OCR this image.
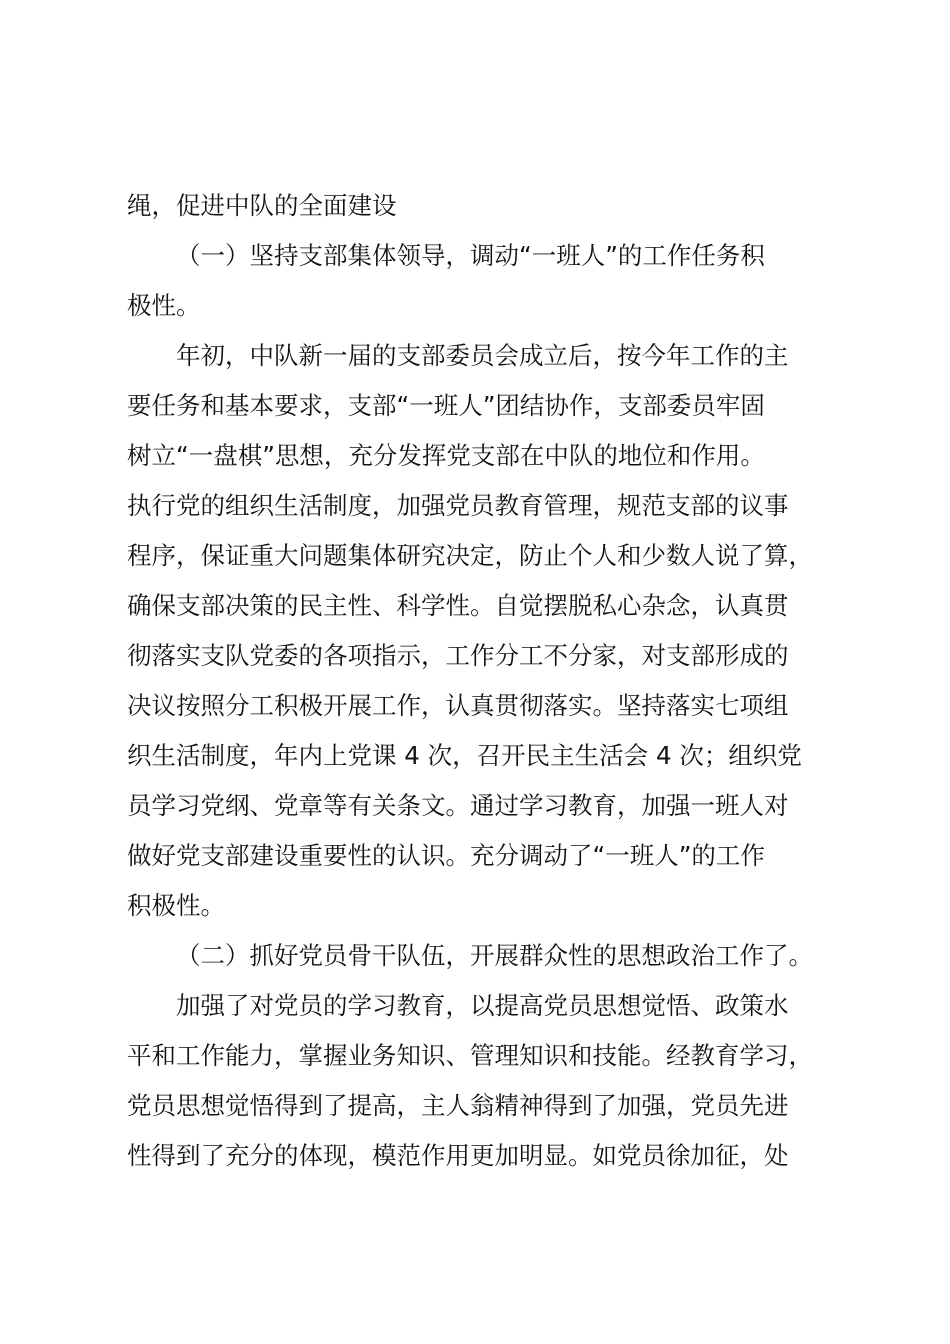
绳，促进中队的全面建设
（一）坚持支部集体领导，调动“一班人”的工作任务积
极性。
年初，中队新一届的支部委员会成立后，按今年工作的主
要任务和基本要求，支部“一班人”团结协作，支部委员牢固
树立“一盘棋”思想，充分发挥党支部在中队的地位和作用。
执行党的组织生活制度，加强党员教育管理，规范支部的议事
程序，保证重大问题集体研究决定，防止个人和少数人说了算，
确保支部决策的民主性、科学性。自觉摆脱私心杂念，认真贯
彻落实支队党委的各项指示，工作分工不分家，对支部形成的
决议按照分工积极开展工作，认真贯彻落实。坚持落实七项组
织生活制度，年内上党课 4 次，召开民主生活会 4 次；组织党
员学习党纲、党章等有关条文。通过学习教育，加强一班人对
做好党支部建设重要性的认识。充分调动了“一班人”的工作
积极性。
（二）抓好党员骨干队伍，开展群众性的思想政治工作了。
加强了对党员的学习教育，以提高党员思想觉悟、政策水
平和工作能力，掌握业务知识、管理知识和技能。经教育学习，
党员思想觉悟得到了提高，主人翁精神得到了加强，党员先进
性得到了充分的体现，模范作用更加明显。如党员徐加征，处
